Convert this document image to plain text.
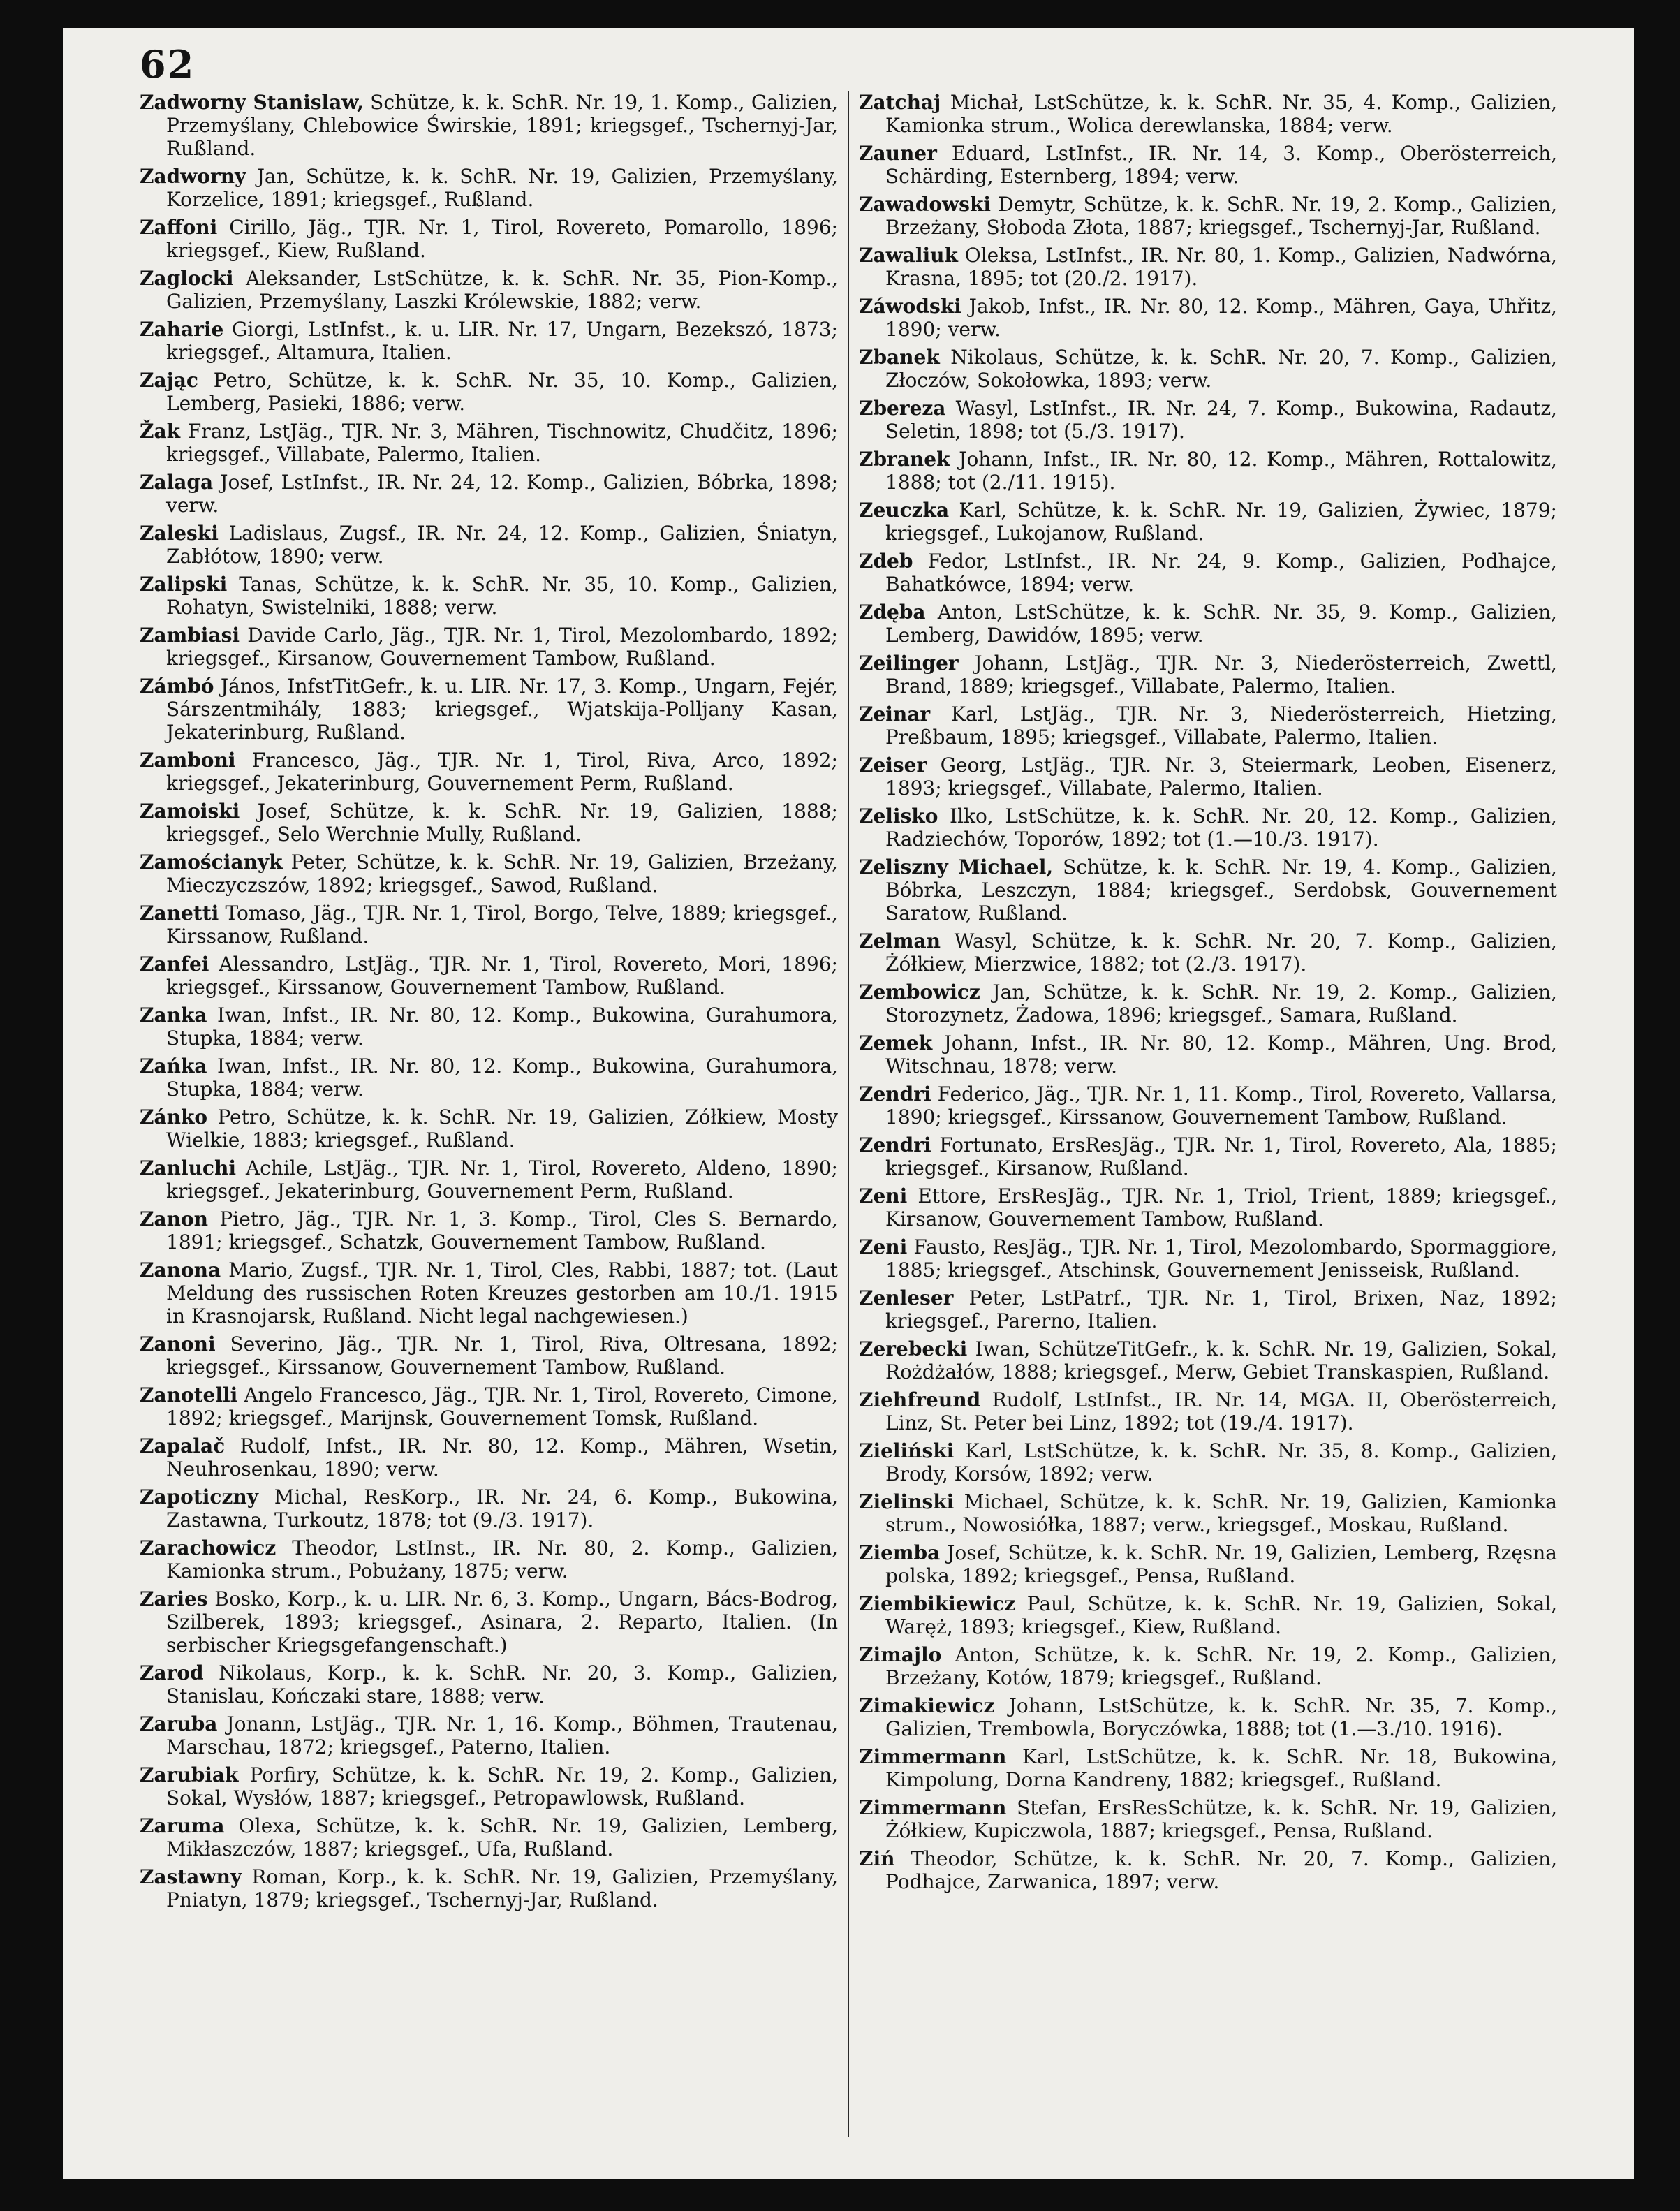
62

Zadworny Stanislaw, Schütze, k. k. SchR. Nr. 19, 1. Komp., Galizien, Przemyślany, Chlebowice Świrskie, 1891; kriegsgef., Tschernyj-Jar, Rußland.

Zadworny Jan, Schütze, k. k. SchR. Nr. 19, Galizien, Przemyślany, Korzelice, 1891; kriegsgef., Rußland.

Zaffoni Cirillo, Jäg., TJR. Nr. 1, Tirol, Rovereto, Pomarollo, 1896; kriegsgef., Kiew, Rußland.

Zaglocki Aleksander, LstSchütze, k. k. SchR. Nr. 35, Pion-Komp., Galizien, Przemyślany, Laszki Królewskie, 1882; verw.

Zaharie Giorgi, LstInfst., k. u. LIR. Nr. 17, Ungarn, Bezekszó, 1873; kriegsgef., Altamura, Italien.

Zając Petro, Schütze, k. k. SchR. Nr. 35, 10. Komp., Galizien, Lemberg, Pasieki, 1886; verw.

Žak Franz, LstJäg., TJR. Nr. 3, Mähren, Tischnowitz, Chudčitz, 1896; kriegsgef., Villabate, Palermo, Italien.

Zalaga Josef, LstInfst., IR. Nr. 24, 12. Komp., Galizien, Bóbrka, 1898; verw.

Zaleski Ladislaus, Zugsf., IR. Nr. 24, 12. Komp., Galizien, Śniatyn, Zabłótow, 1890; verw.

Zalipski Tanas, Schütze, k. k. SchR. Nr. 35, 10. Komp., Galizien, Rohatyn, Swistelniki, 1888; verw.

Zambiasi Davide Carlo, Jäg., TJR. Nr. 1, Tirol, Mezolombardo, 1892; kriegsgef., Kirsanow, Gouvernement Tambow, Rußland.

Zámbó János, InfstTitGefr., k. u. LIR. Nr. 17, 3. Komp., Ungarn, Fejér, Sárszentmihály, 1883; kriegsgef., Wjatskija-Polljany Kasan, Jekaterinburg, Rußland.

Zamboni Francesco, Jäg., TJR. Nr. 1, Tirol, Riva, Arco, 1892; kriegsgef., Jekaterinburg, Gouvernement Perm, Rußland.

Zamoiski Josef, Schütze, k. k. SchR. Nr. 19, Galizien, 1888; kriegsgef., Selo Werchnie Mully, Rußland.

Zamościanyk Peter, Schütze, k. k. SchR. Nr. 19, Galizien, Brzeżany, Mieczyczszów, 1892; kriegsgef., Sawod, Rußland.

Zanetti Tomaso, Jäg., TJR. Nr. 1, Tirol, Borgo, Telve, 1889; kriegsgef., Kirssanow, Rußland.

Zanfei Alessandro, LstJäg., TJR. Nr. 1, Tirol, Rovereto, Mori, 1896; kriegsgef., Kirssanow, Gouvernement Tambow, Rußland.

Zanka Iwan, Infst., IR. Nr. 80, 12. Komp., Bukowina, Gurahumora, Stupka, 1884; verw.

Zańka Iwan, Infst., IR. Nr. 80, 12. Komp., Bukowina, Gurahumora, Stupka, 1884; verw.

Zánko Petro, Schütze, k. k. SchR. Nr. 19, Galizien, Zółkiew, Mosty Wielkie, 1883; kriegsgef., Rußland.

Zanluchi Achile, LstJäg., TJR. Nr. 1, Tirol, Rovereto, Aldeno, 1890; kriegsgef., Jekaterinburg, Gouvernement Perm, Rußland.

Zanon Pietro, Jäg., TJR. Nr. 1, 3. Komp., Tirol, Cles S. Bernardo, 1891; kriegsgef., Schatzk, Gouvernement Tambow, Rußland.

Zanona Mario, Zugsf., TJR. Nr. 1, Tirol, Cles, Rabbi, 1887; tot. (Laut Meldung des russischen Roten Kreuzes gestorben am 10./1. 1915 in Krasnojarsk, Rußland. Nicht legal nachgewiesen.)

Zanoni Severino, Jäg., TJR. Nr. 1, Tirol, Riva, Oltresana, 1892; kriegsgef., Kirssanow, Gouvernement Tambow, Rußland.

Zanotelli Angelo Francesco, Jäg., TJR. Nr. 1, Tirol, Rovereto, Cimone, 1892; kriegsgef., Marijnsk, Gouvernement Tomsk, Rußland.

Zapalač Rudolf, Infst., IR. Nr. 80, 12. Komp., Mähren, Wsetin, Neuhrosenkau, 1890; verw.

Zapoticzny Michal, ResKorp., IR. Nr. 24, 6. Komp., Bukowina, Zastawna, Turkoutz, 1878; tot (9./3. 1917).

Zarachowicz Theodor, LstInst., IR. Nr. 80, 2. Komp., Galizien, Kamionka strum., Pobużany, 1875; verw.

Zaries Bosko, Korp., k. u. LIR. Nr. 6, 3. Komp., Ungarn, Bács-Bodrog, Szilberek, 1893; kriegsgef., Asinara, 2. Reparto, Italien. (In serbischer Kriegsgefangenschaft.)

Zarod Nikolaus, Korp., k. k. SchR. Nr. 20, 3. Komp., Galizien, Stanislau, Kończaki stare, 1888; verw.

Zaruba Jonann, LstJäg., TJR. Nr. 1, 16. Komp., Böhmen, Trautenau, Marschau, 1872; kriegsgef., Paterno, Italien.

Zarubiak Porfiry, Schütze, k. k. SchR. Nr. 19, 2. Komp., Galizien, Sokal, Wysłów, 1887; kriegsgef., Petropawlowsk, Rußland.

Zaruma Olexa, Schütze, k. k. SchR. Nr. 19, Galizien, Lemberg, Mikłaszczów, 1887; kriegsgef., Ufa, Rußland.

Zastawny Roman, Korp., k. k. SchR. Nr. 19, Galizien, Przemyślany, Pniatyn, 1879; kriegsgef., Tschernyj-Jar, Rußland.

Zatchaj Michał, LstSchütze, k. k. SchR. Nr. 35, 4. Komp., Galizien, Kamionka strum., Wolica derewlanska, 1884; verw.

Zauner Eduard, LstInfst., IR. Nr. 14, 3. Komp., Oberösterreich, Schärding, Esternberg, 1894; verw.

Zawadowski Demytr, Schütze, k. k. SchR. Nr. 19, 2. Komp., Galizien, Brzeżany, Słoboda Złota, 1887; kriegsgef., Tschernyj-Jar, Rußland.

Zawaliuk Oleksa, LstInfst., IR. Nr. 80, 1. Komp., Galizien, Nadwórna, Krasna, 1895; tot (20./2. 1917).

Záwodski Jakob, Infst., IR. Nr. 80, 12. Komp., Mähren, Gaya, Uhřitz, 1890; verw.

Zbanek Nikolaus, Schütze, k. k. SchR. Nr. 20, 7. Komp., Galizien, Złoczów, Sokołowka, 1893; verw.

Zbereza Wasyl, LstInfst., IR. Nr. 24, 7. Komp., Bukowina, Radautz, Seletin, 1898; tot (5./3. 1917).

Zbranek Johann, Infst., IR. Nr. 80, 12. Komp., Mähren, Rottalowitz, 1888; tot (2./11. 1915).

Zeuczka Karl, Schütze, k. k. SchR. Nr. 19, Galizien, Żywiec, 1879; kriegsgef., Lukojanow, Rußland.

Zdeb Fedor, LstInfst., IR. Nr. 24, 9. Komp., Galizien, Podhajce, Bahatkówce, 1894; verw.

Zdęba Anton, LstSchütze, k. k. SchR. Nr. 35, 9. Komp., Galizien, Lemberg, Dawidów, 1895; verw.

Zeilinger Johann, LstJäg., TJR. Nr. 3, Niederösterreich, Zwettl, Brand, 1889; kriegsgef., Villabate, Palermo, Italien.

Zeinar Karl, LstJäg., TJR. Nr. 3, Niederösterreich, Hietzing, Preßbaum, 1895; kriegsgef., Villabate, Palermo, Italien.

Zeiser Georg, LstJäg., TJR. Nr. 3, Steiermark, Leoben, Eisenerz, 1893; kriegsgef., Villabate, Palermo, Italien.

Zelisko Ilko, LstSchütze, k. k. SchR. Nr. 20, 12. Komp., Galizien, Radziechów, Toporów, 1892; tot (1.—10./3. 1917).

Zeliszny Michael, Schütze, k. k. SchR. Nr. 19, 4. Komp., Galizien, Bóbrka, Leszczyn, 1884; kriegsgef., Serdobsk, Gouvernement Saratow, Rußland.

Zelman Wasyl, Schütze, k. k. SchR. Nr. 20, 7. Komp., Galizien, Żółkiew, Mierzwice, 1882; tot (2./3. 1917).

Zembowicz Jan, Schütze, k. k. SchR. Nr. 19, 2. Komp., Galizien, Storozynetz, Żadowa, 1896; kriegsgef., Samara, Rußland.

Zemek Johann, Infst., IR. Nr. 80, 12. Komp., Mähren, Ung. Brod, Witschnau, 1878; verw.

Zendri Federico, Jäg., TJR. Nr. 1, 11. Komp., Tirol, Rovereto, Vallarsa, 1890; kriegsgef., Kirssanow, Gouvernement Tambow, Rußland.

Zendri Fortunato, ErsResJäg., TJR. Nr. 1, Tirol, Rovereto, Ala, 1885; kriegsgef., Kirsanow, Rußland.

Zeni Ettore, ErsResJäg., TJR. Nr. 1, Triol, Trient, 1889; kriegsgef., Kirsanow, Gouvernement Tambow, Rußland.

Zeni Fausto, ResJäg., TJR. Nr. 1, Tirol, Mezolombardo, Spormaggiore, 1885; kriegsgef., Atschinsk, Gouvernement Jenisseisk, Rußland.

Zenleser Peter, LstPatrf., TJR. Nr. 1, Tirol, Brixen, Naz, 1892; kriegsgef., Parerno, Italien.

Zerebecki Iwan, SchützeTitGefr., k. k. SchR. Nr. 19, Galizien, Sokal, Rożdżałów, 1888; kriegsgef., Merw, Gebiet Transkaspien, Rußland.

Ziehfreund Rudolf, LstInfst., IR. Nr. 14, MGA. II, Oberösterreich, Linz, St. Peter bei Linz, 1892; tot (19./4. 1917).

Zieliński Karl, LstSchütze, k. k. SchR. Nr. 35, 8. Komp., Galizien, Brody, Korsów, 1892; verw.

Zielinski Michael, Schütze, k. k. SchR. Nr. 19, Galizien, Kamionka strum., Nowosiółka, 1887; verw., kriegsgef., Moskau, Rußland.

Ziemba Josef, Schütze, k. k. SchR. Nr. 19, Galizien, Lemberg, Rzęsna polska, 1892; kriegsgef., Pensa, Rußland.

Ziembikiewicz Paul, Schütze, k. k. SchR. Nr. 19, Galizien, Sokal, Waręż, 1893; kriegsgef., Kiew, Rußland.

Zimajlo Anton, Schütze, k. k. SchR. Nr. 19, 2. Komp., Galizien, Brzeżany, Kotów, 1879; kriegsgef., Rußland.

Zimakiewicz Johann, LstSchütze, k. k. SchR. Nr. 35, 7. Komp., Galizien, Trembowla, Boryczówka, 1888; tot (1.—3./10. 1916).

Zimmermann Karl, LstSchütze, k. k. SchR. Nr. 18, Bukowina, Kimpolung, Dorna Kandreny, 1882; kriegsgef., Rußland.

Zimmermann Stefan, ErsResSchütze, k. k. SchR. Nr. 19, Galizien, Żółkiew, Kupiczwola, 1887; kriegsgef., Pensa, Rußland.

Ziń Theodor, Schütze, k. k. SchR. Nr. 20, 7. Komp., Galizien, Podhajce, Zarwanica, 1897; verw.
